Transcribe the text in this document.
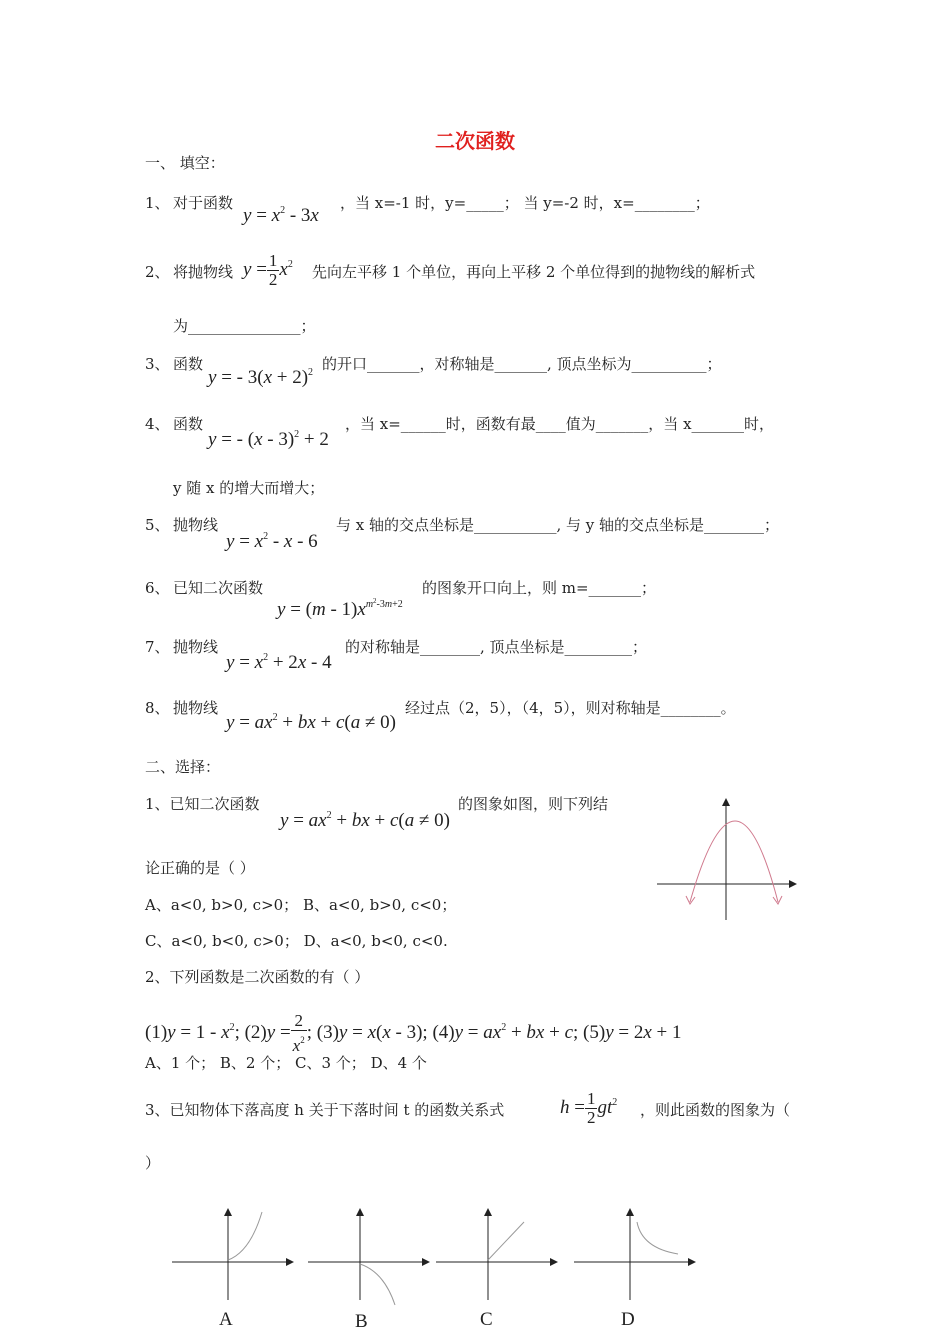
二次函数
一、 填空：
1、 对于函数
$y = x^2 - 3x$
，当 x=-1 时，y=_____； 当 y=-2 时，x=________；
2、 将抛物线 $y = \frac{1}{2} x^2$ 先向左平移 1 个单位，再向上平移 2 个单位得到的抛物线的解析式
为_______________；
3、 函数
y = - $3(x + 2)^2$ 的开口_______，对称轴是_______, 顶点坐标为__________；
4、 函数
y = - (x - 3)$^2$ + 2
，当 x=______时，函数有最____值为_______，当 x_______时，
y 随 x 的增大而增大；
5、 抛物线
$y = x^2 - x - 6$
与 x 轴的交点坐标是___________, 与 y 轴的交点坐标是________；
6、 已知二次函数
$y = (m - 1)x^{m^2-3m+2}$
的图象开口向上，则 m=_______；
7、 抛物线
$y = x^2 + 2x - 4$
的对称轴是________, 顶点坐标是_________；
8、 抛物线
$y = ax^2$ + bx + c(a ≠ 0)
经过点（2，5），（4，5），则对称轴是________。
二、选择：
1、已知二次函数
$y = ax^2$ + bx + c(a ≠ 0)
的图象如图，则下列结
论正确的是（ ）
A、a<0, b>0, c>0； B、a<0, b>0, c<0；
C、a<0, b<0, c>0； D、a<0, b<0, c<0.
2、下列函数是二次函数的有（ ）
$(1)y = 1 - x^2$; $(2)y = \frac{2}{x^2}$ ; (3)y = x(x - 3); $(4)y = ax^2$ + bx + c; (5)y = 2x + 1
A、1 个； B、2 个； C、3 个； D、4 个
3、已知物体下落高度 h 关于下落时间 t 的函数关系式	$h = \frac{1}{2} gt^2$ ，则此函数的图象为（
）
A	B	C	D
